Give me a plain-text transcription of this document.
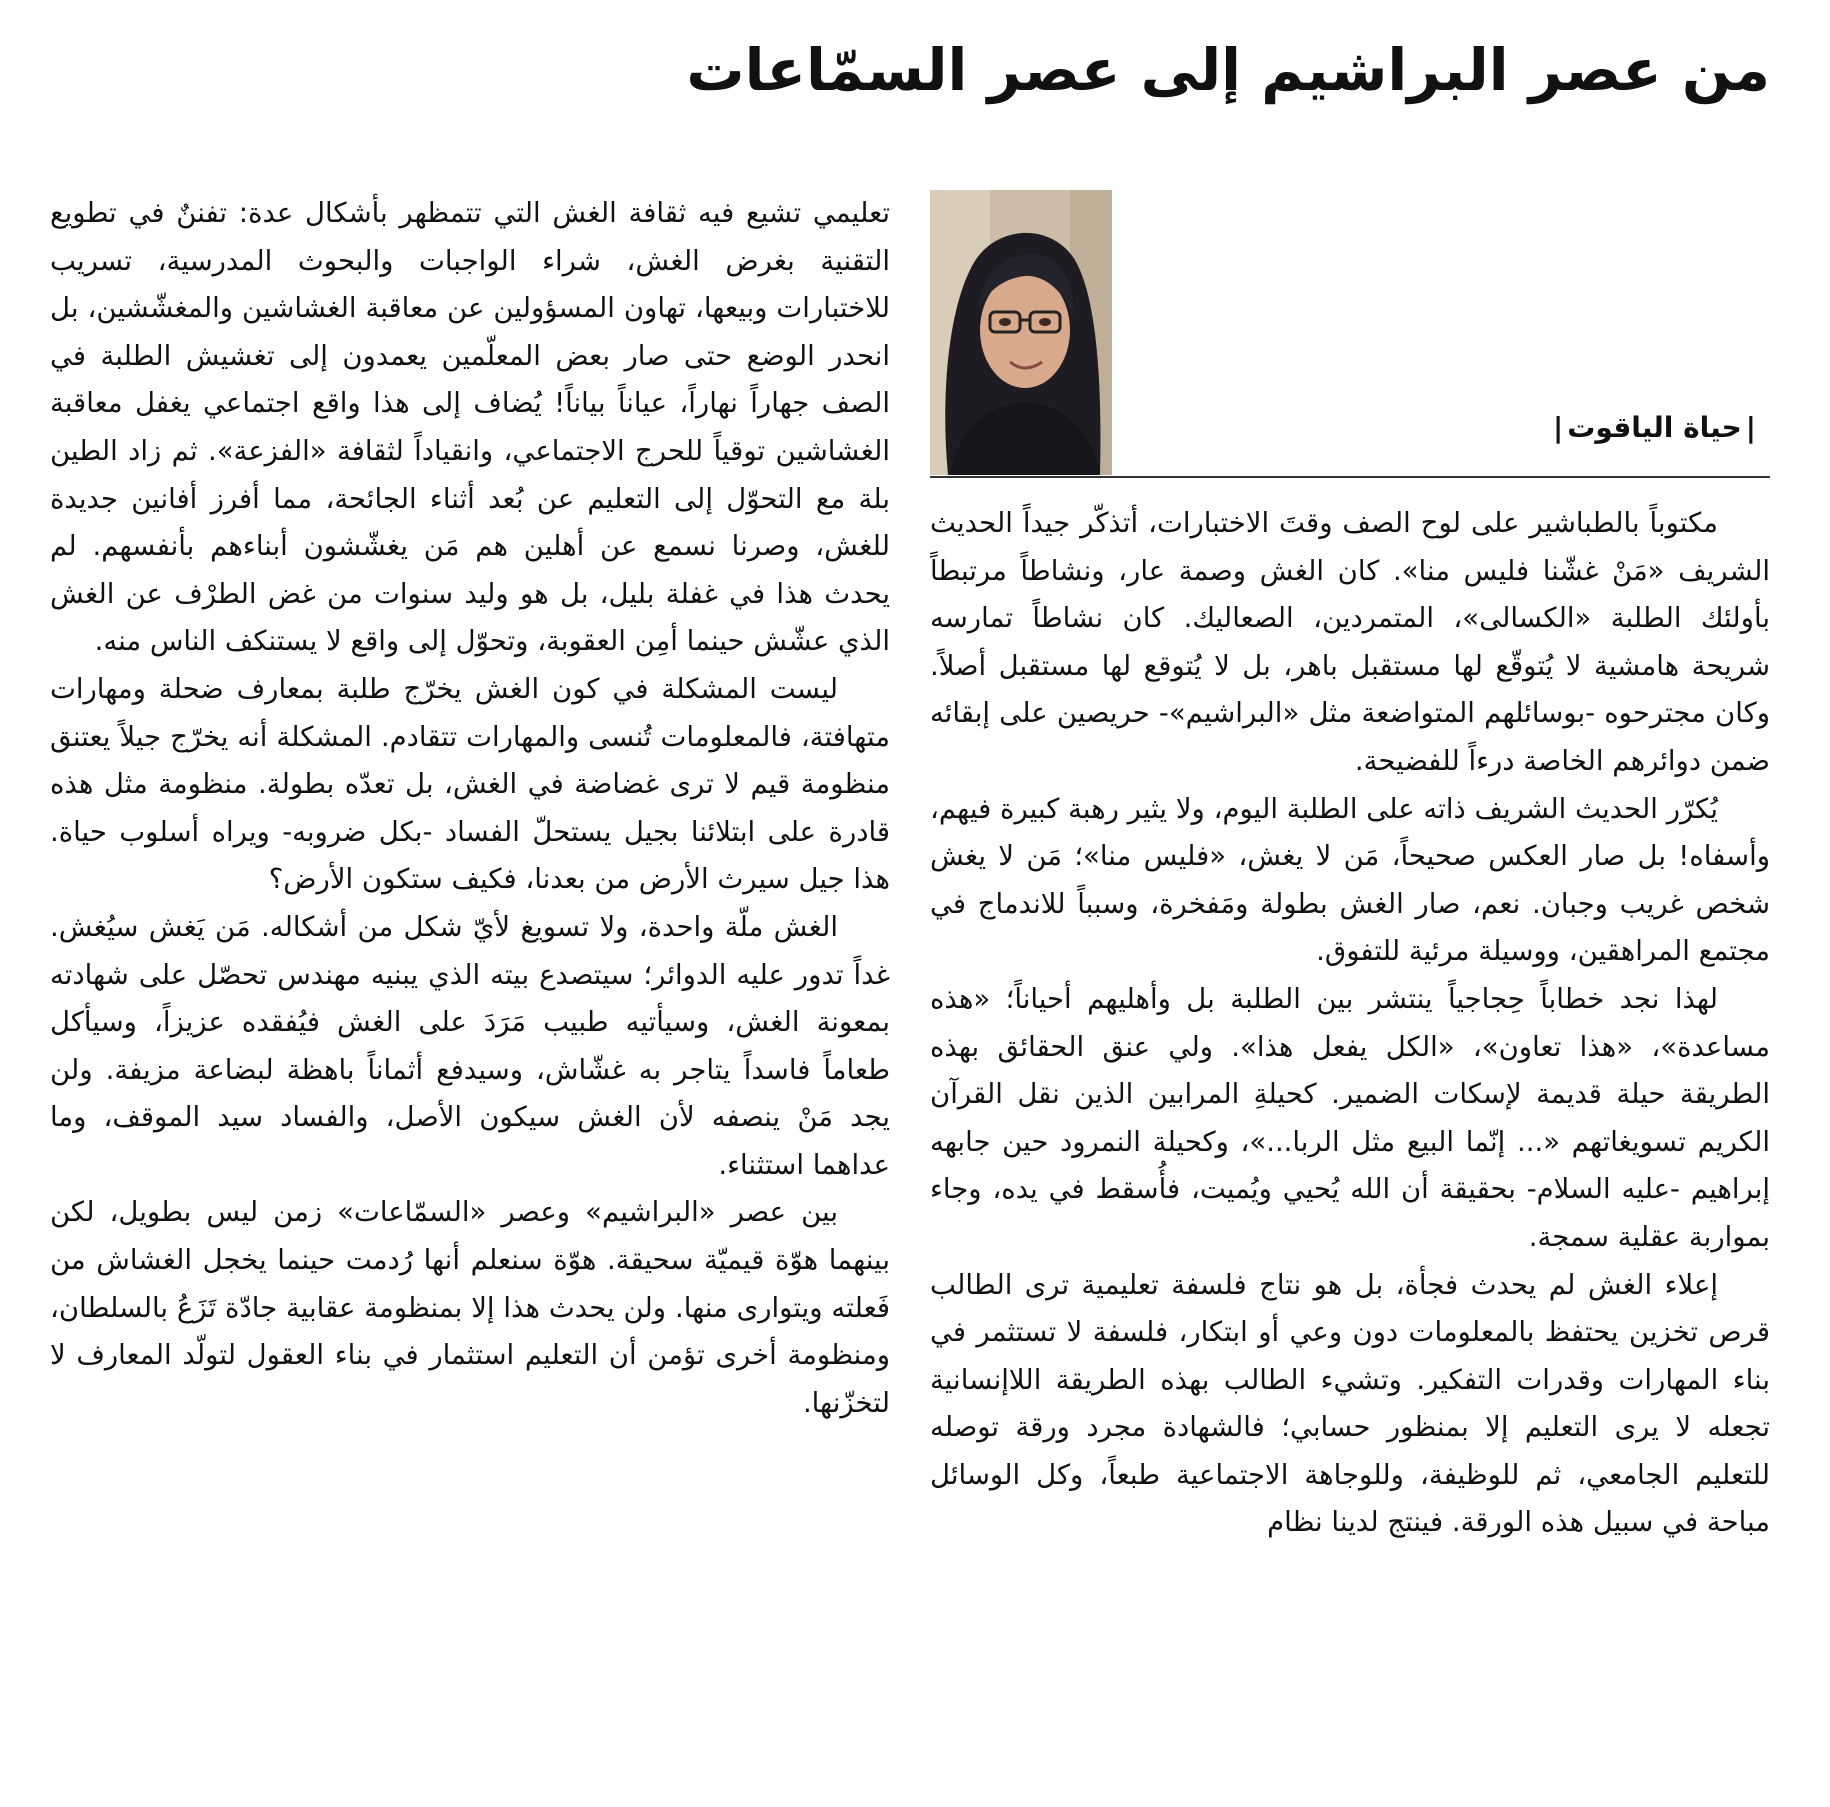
من عصر البراشيم إلى عصر السمّاعات
|حياة الياقوت|

مكتوباً بالطباشير على لوح الصف وقتَ الاختبارات، أتذكّر جيداً الحديث الشريف «مَنْ غشّنا فليس منا». كان الغش وصمة عار، ونشاطاً مرتبطاً بأولئك الطلبة «الكسالى»، المتمردين، الصعاليك. كان نشاطاً تمارسه شريحة هامشية لا يُتوقّع لها مستقبل باهر، بل لا يُتوقع لها مستقبل أصلاً. وكان مجترحوه -بوسائلهم المتواضعة مثل «البراشيم»- حريصين على إبقائه ضمن دوائرهم الخاصة درءاً للفضيحة.

يُكرّر الحديث الشريف ذاته على الطلبة اليوم، ولا يثير رهبة كبيرة فيهم، وأسفاه! بل صار العكس صحيحاً، مَن لا يغش، «فليس منا»؛ مَن لا يغش شخص غريب وجبان. نعم، صار الغش بطولة ومَفخرة، وسبباً للاندماج في مجتمع المراهقين، ووسيلة مرئية للتفوق.

لهذا نجد خطاباً حِجاجياً ينتشر بين الطلبة بل وأهليهم أحياناً؛ «هذه مساعدة»، «هذا تعاون»، «الكل يفعل هذا». ولي عنق الحقائق بهذه الطريقة حيلة قديمة لإسكات الضمير. كحيلةِ المرابين الذين نقل القرآن الكريم تسويغاتهم «... إنّما البيع مثل الربا...»، وكحيلة النمرود حين جابهه إبراهيم -عليه السلام- بحقيقة أن الله يُحيي ويُميت، فأُسقط في يده، وجاء بمواربة عقلية سمجة.

إعلاء الغش لم يحدث فجأة، بل هو نتاج فلسفة تعليمية ترى الطالب قرص تخزين يحتفظ بالمعلومات دون وعي أو ابتكار، فلسفة لا تستثمر في بناء المهارات وقدرات التفكير. وتشيء الطالب بهذه الطريقة اللاإنسانية تجعله لا يرى التعليم إلا بمنظور حسابي؛ فالشهادة مجرد ورقة توصله للتعليم الجامعي، ثم للوظيفة، وللوجاهة الاجتماعية طبعاً، وكل الوسائل مباحة في سبيل هذه الورقة. فينتج لدينا نظام

تعليمي تشيع فيه ثقافة الغش التي تتمظهر بأشكال عدة: تفننٌ في تطويع التقنية بغرض الغش، شراء الواجبات والبحوث المدرسية، تسريب للاختبارات وبيعها، تهاون المسؤولين عن معاقبة الغشاشين والمغشّشين، بل انحدر الوضع حتى صار بعض المعلّمين يعمدون إلى تغشيش الطلبة في الصف جهاراً نهاراً، عياناً بياناً! يُضاف إلى هذا واقع اجتماعي يغفل معاقبة الغشاشين توقياً للحرج الاجتماعي، وانقياداً لثقافة «الفزعة». ثم زاد الطين بلة مع التحوّل إلى التعليم عن بُعد أثناء الجائحة، مما أفرز أفانين جديدة للغش، وصرنا نسمع عن أهلين هم مَن يغشّشون أبناءهم بأنفسهم. لم يحدث هذا في غفلة بليل، بل هو وليد سنوات من غض الطرْف عن الغش الذي عشّش حينما أمِن العقوبة، وتحوّل إلى واقع لا يستنكف الناس منه.

ليست المشكلة في كون الغش يخرّج طلبة بمعارف ضحلة ومهارات متهافتة، فالمعلومات تُنسى والمهارات تتقادم. المشكلة أنه يخرّج جيلاً يعتنق منظومة قيم لا ترى غضاضة في الغش، بل تعدّه بطولة. منظومة مثل هذه قادرة على ابتلائنا بجيل يستحلّ الفساد -بكل ضروبه- ويراه أسلوب حياة. هذا جيل سيرث الأرض من بعدنا، فكيف ستكون الأرض؟

الغش ملّة واحدة، ولا تسويغ لأيّ شكل من أشكاله. مَن يَغش سيُغش. غداً تدور عليه الدوائر؛ سيتصدع بيته الذي يبنيه مهندس تحصّل على شهادته بمعونة الغش، وسيأتيه طبيب مَرَدَ على الغش فيُفقده عزيزاً، وسيأكل طعاماً فاسداً يتاجر به غشّاش، وسيدفع أثماناً باهظة لبضاعة مزيفة. ولن يجد مَنْ ينصفه لأن الغش سيكون الأصل، والفساد سيد الموقف، وما عداهما استثناء.

بين عصر «البراشيم» وعصر «السمّاعات» زمن ليس بطويل، لكن بينهما هوّة قيميّة سحيقة. هوّة سنعلم أنها رُدمت حينما يخجل الغشاش من فَعلته ويتوارى منها. ولن يحدث هذا إلا بمنظومة عقابية جادّة تَزَعُ بالسلطان، ومنظومة أخرى تؤمن أن التعليم استثمار في بناء العقول لتولّد المعارف لا لتخزّنها.
